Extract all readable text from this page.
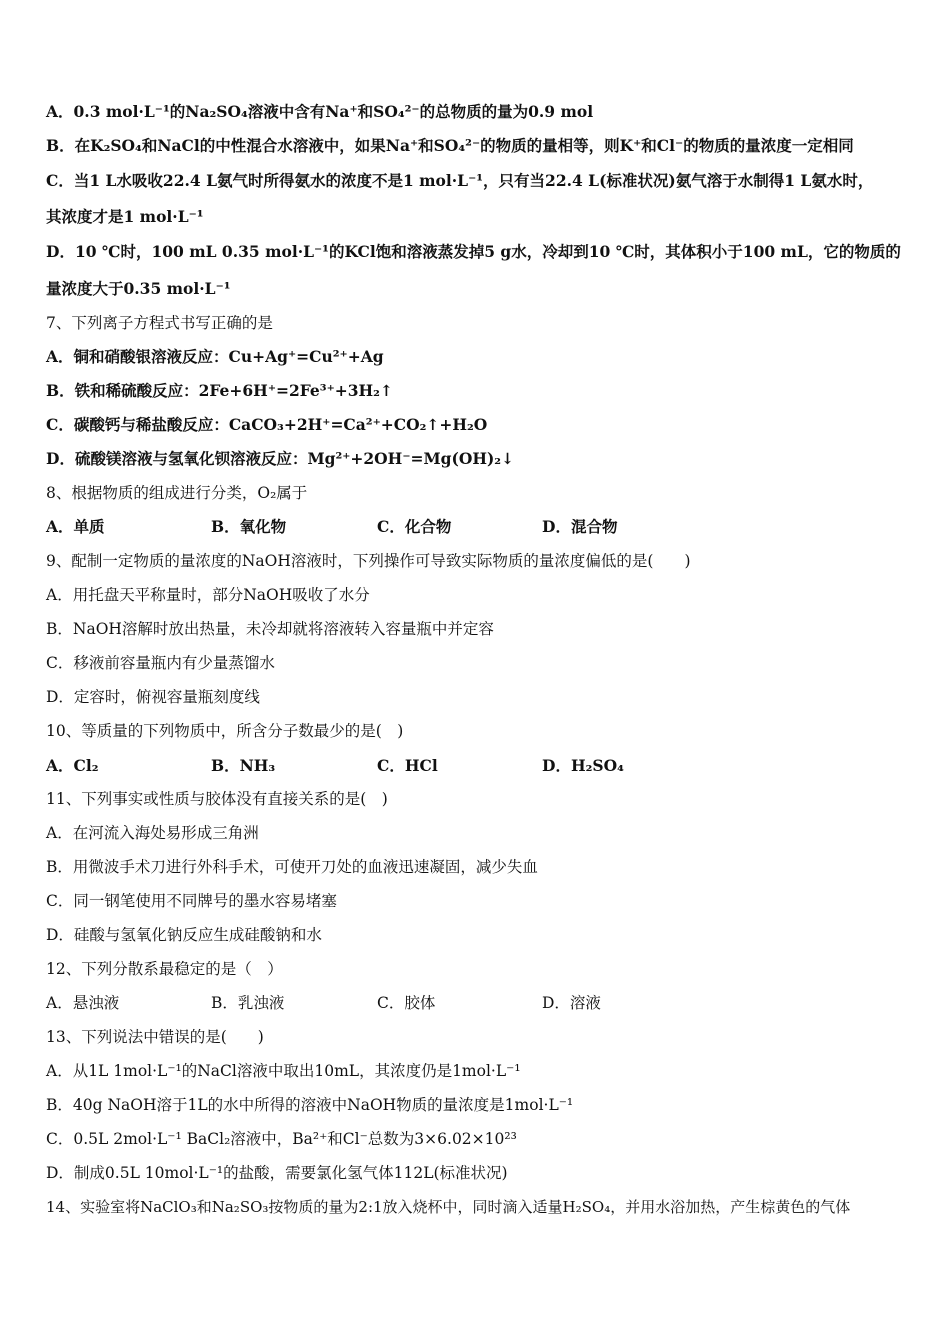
A．0.3 mol·L⁻¹的Na₂SO₄溶液中含有Na⁺和SO₄²⁻的总物质的量为0.9 mol
B．在K₂SO₄和NaCl的中性混合水溶液中，如果Na⁺和SO₄²⁻的物质的量相等，则K⁺和Cl⁻的物质的量浓度一定相同
C．当1 L水吸收22.4 L氨气时所得氨水的浓度不是1 mol·L⁻¹，只有当22.4 L(标准状况)氨气溶于水制得1 L氨水时，
其浓度才是1 mol·L⁻¹
D．10 ℃时，100 mL 0.35 mol·L⁻¹的KCl饱和溶液蒸发掉5 g水，冷却到10 ℃时，其体积小于100 mL，它的物质的
量浓度大于0.35 mol·L⁻¹
7、下列离子方程式书写正确的是
A．铜和硝酸银溶液反应：Cu+Ag⁺=Cu²⁺+Ag
B．铁和稀硫酸反应：2Fe+6H⁺=2Fe³⁺+3H₂↑
C．碳酸钙与稀盐酸反应：CaCO₃+2H⁺=Ca²⁺+CO₂↑+H₂O
D．硫酸镁溶液与氢氧化钡溶液反应：Mg²⁺+2OH⁻=Mg(OH)₂↓
8、根据物质的组成进行分类，O₂属于
A．单质	B．氧化物	C．化合物	D．混合物
9、配制一定物质的量浓度的NaOH溶液时，下列操作可导致实际物质的量浓度偏低的是(　　)
A．用托盘天平称量时，部分NaOH吸收了水分
B．NaOH溶解时放出热量，未冷却就将溶液转入容量瓶中并定容
C．移液前容量瓶内有少量蒸馏水
D．定容时，俯视容量瓶刻度线
10、等质量的下列物质中，所含分子数最少的是(　)
A．Cl₂	B．NH₃	C．HCl	D．H₂SO₄
11、下列事实或性质与胶体没有直接关系的是(　)
A．在河流入海处易形成三角洲
B．用微波手术刀进行外科手术，可使开刀处的血液迅速凝固，减少失血
C．同一钢笔使用不同牌号的墨水容易堵塞
D．硅酸与氢氧化钠反应生成硅酸钠和水
12、下列分散系最稳定的是（　）
A．悬浊液	B．乳浊液	C．胶体	D．溶液
13、下列说法中错误的是(　　)
A．从1L 1mol·L⁻¹的NaCl溶液中取出10mL，其浓度仍是1mol·L⁻¹
B．40g NaOH溶于1L的水中所得的溶液中NaOH物质的量浓度是1mol·L⁻¹
C．0.5L 2mol·L⁻¹ BaCl₂溶液中，Ba²⁺和Cl⁻总数为3×6.02×10²³
D．制成0.5L 10mol·L⁻¹的盐酸，需要氯化氢气体112L(标准状况)
14、实验室将NaClO₃和Na₂SO₃按物质的量为2:1放入烧杯中，同时滴入适量H₂SO₄，并用水浴加热，产生棕黄色的气体
